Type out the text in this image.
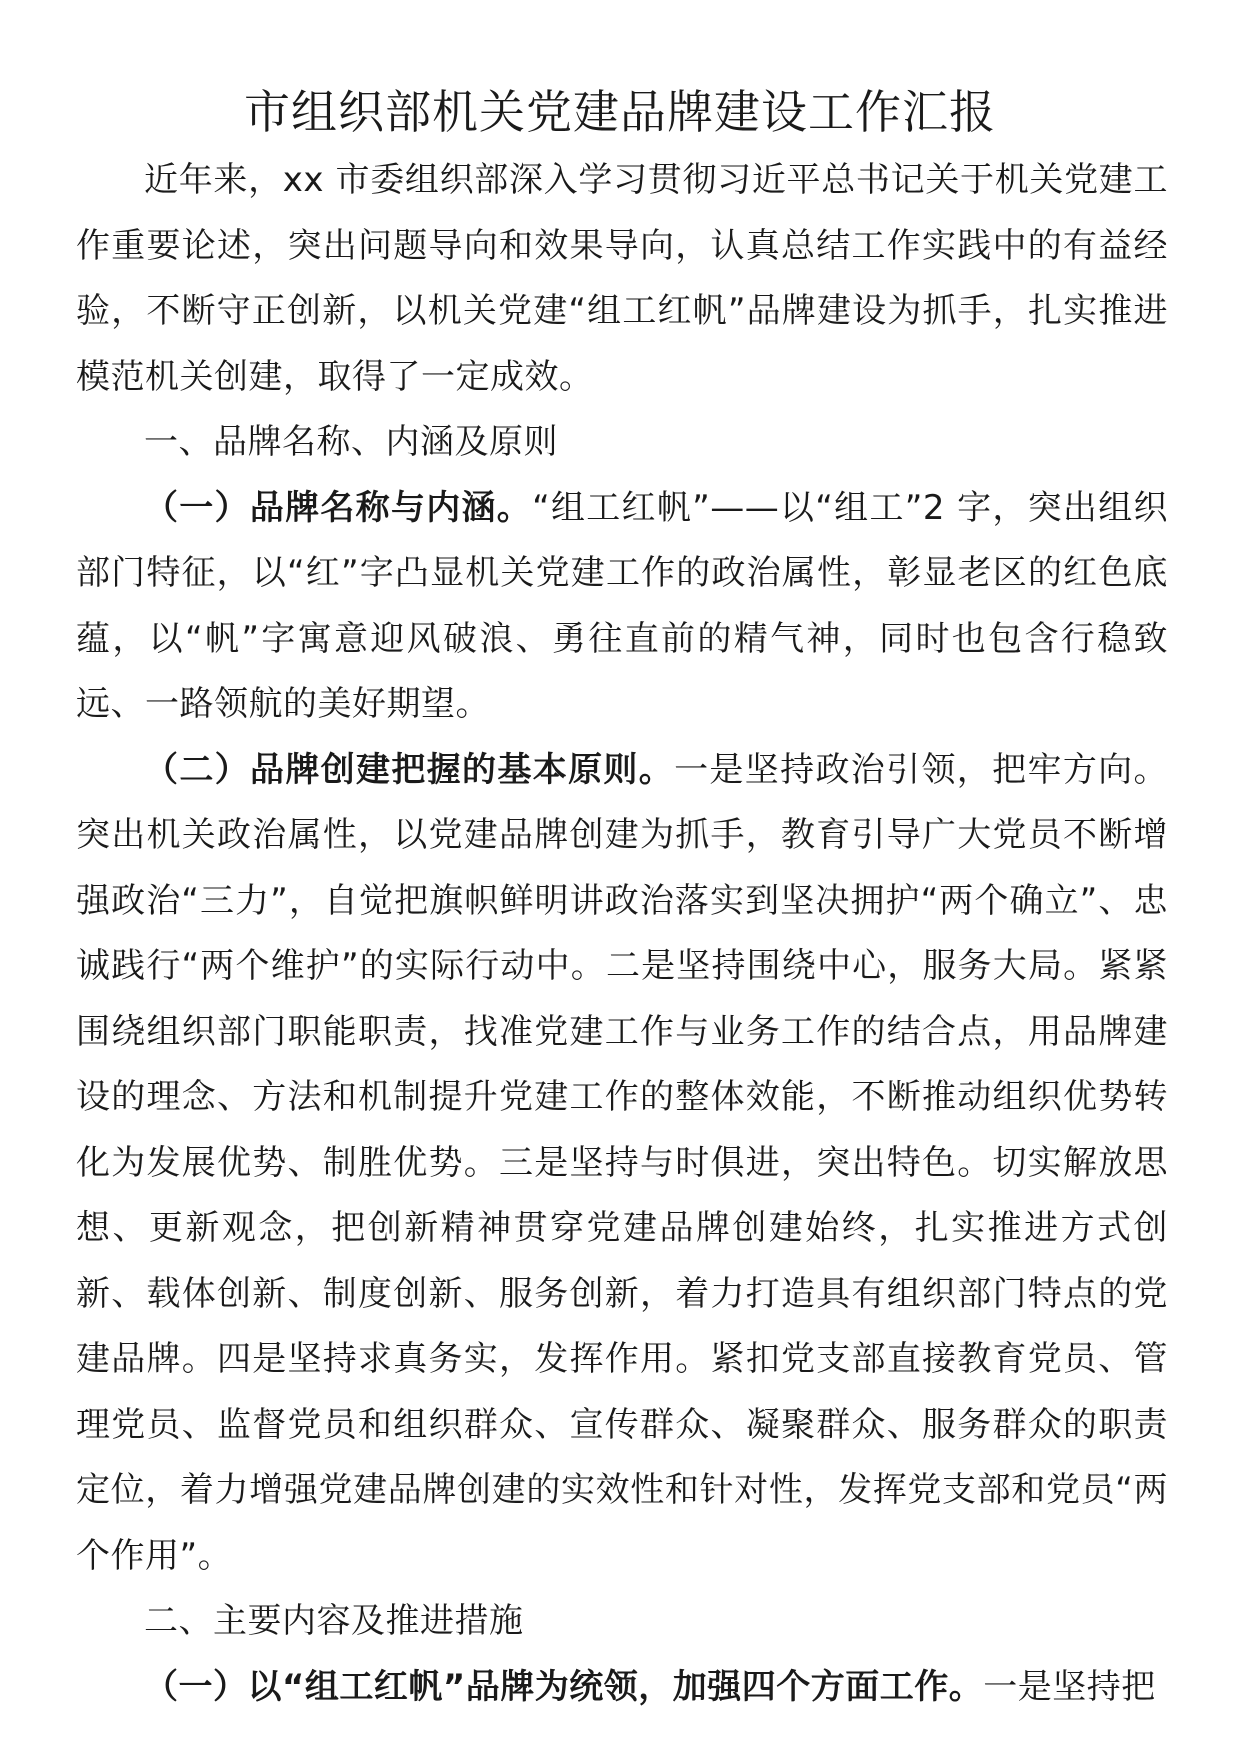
市组织部机关党建品牌建设工作汇报

近年来，xx 市委组织部深入学习贯彻习近平总书记关于机关党建工作重要论述，突出问题导向和效果导向，认真总结工作实践中的有益经验，不断守正创新，以机关党建“组工红帆”品牌建设为抓手，扎实推进模范机关创建，取得了一定成效。

一、品牌名称、内涵及原则

（一）品牌名称与内涵。“组工红帆”——以“组工”2 字，突出组织部门特征，以“红”字凸显机关党建工作的政治属性，彰显老区的红色底蕴，以“帆”字寓意迎风破浪、勇往直前的精气神，同时也包含行稳致远、一路领航的美好期望。

（二）品牌创建把握的基本原则。一是坚持政治引领，把牢方向。突出机关政治属性，以党建品牌创建为抓手，教育引导广大党员不断增强政治“三力”，自觉把旗帜鲜明讲政治落实到坚决拥护“两个确立”、忠诚践行“两个维护”的实际行动中。二是坚持围绕中心，服务大局。紧紧围绕组织部门职能职责，找准党建工作与业务工作的结合点，用品牌建设的理念、方法和机制提升党建工作的整体效能，不断推动组织优势转化为发展优势、制胜优势。三是坚持与时俱进，突出特色。切实解放思想、更新观念，把创新精神贯穿党建品牌创建始终，扎实推进方式创新、载体创新、制度创新、服务创新，着力打造具有组织部门特点的党建品牌。四是坚持求真务实，发挥作用。紧扣党支部直接教育党员、管理党员、监督党员和组织群众、宣传群众、凝聚群众、服务群众的职责定位，着力增强党建品牌创建的实效性和针对性，发挥党支部和党员“两个作用”。

二、主要内容及推进措施

（一）以“组工红帆”品牌为统领，加强四个方面工作。一是坚持把
